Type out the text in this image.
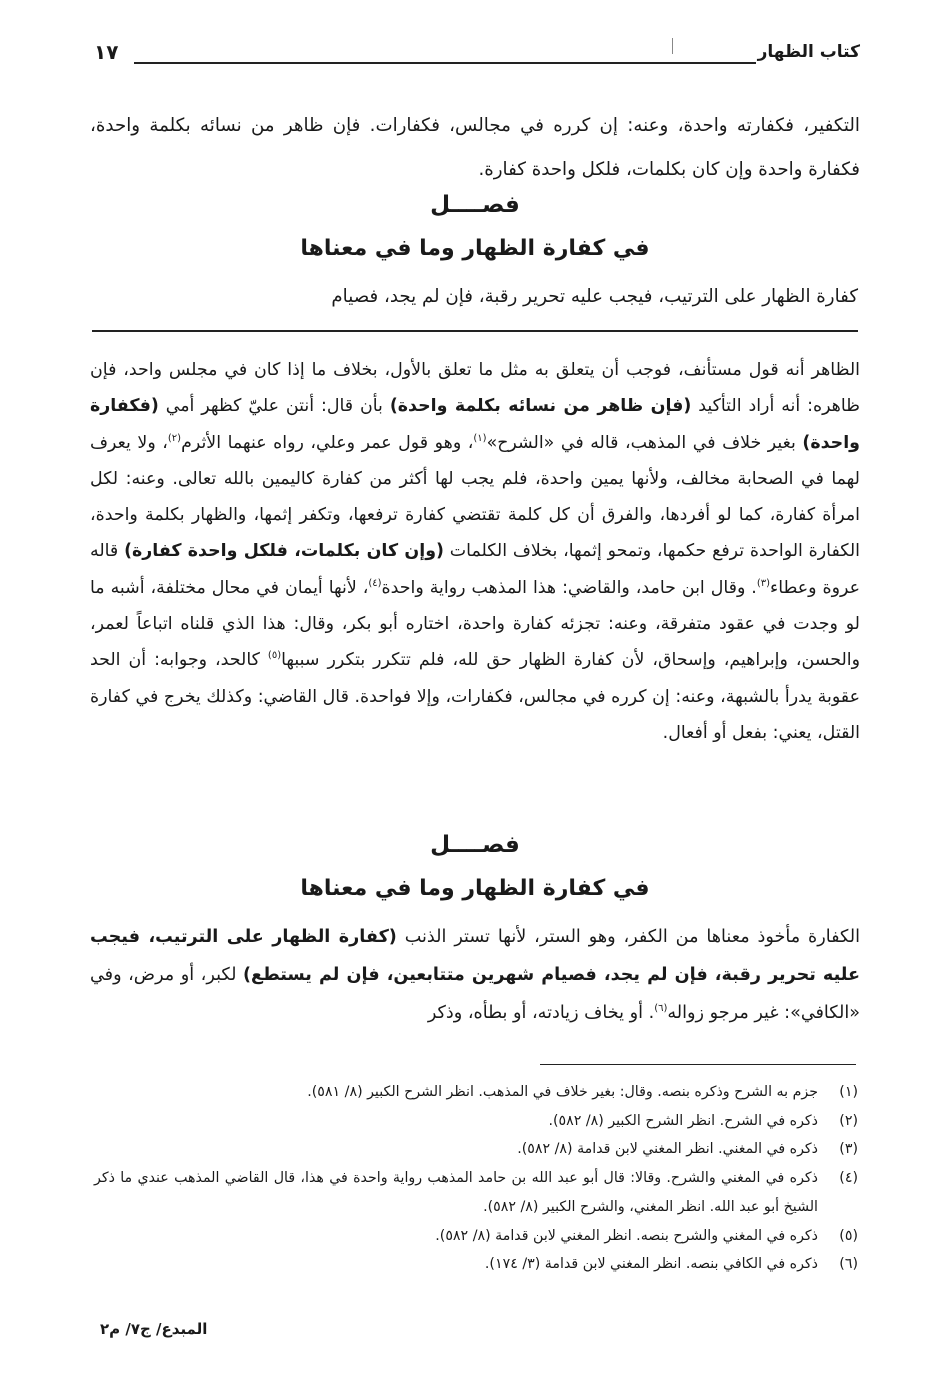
كتاب الظهار
١٧

التكفير، فكفارته واحدة، وعنه: إن كرره في مجالس، فكفارات. فإن ظاهر من نسائه بكلمة واحدة، فكفارة واحدة وإن كان بكلمات، فلكل واحدة كفارة.

فصــــل
في كفارة الظهار وما في معناها
كفارة الظهار على الترتيب، فيجب عليه تحرير رقبة، فإن لم يجد، فصيام
الظاهر أنه قول مستأنف، فوجب أن يتعلق به مثل ما تعلق بالأول، بخلاف ما إذا كان في مجلس واحد، فإن ظاهره: أنه أراد التأكيد (فإن ظاهر من نسائه بكلمة واحدة) بأن قال: أنتن عليّ كظهر أمي (فكفارة واحدة) بغير خلاف في المذهب، قاله في «الشرح»$^{(١)}$، وهو قول عمر وعلي، رواه عنهما الأثرم$^{(٢)}$، ولا يعرف لهما في الصحابة مخالف، ولأنها يمين واحدة، فلم يجب لها أكثر من كفارة كاليمين بالله تعالى. وعنه: لكل امرأة كفارة، كما لو أفردها، والفرق أن كل كلمة تقتضي كفارة ترفعها، وتكفر إثمها، والظهار بكلمة واحدة، الكفارة الواحدة ترفع حكمها، وتمحو إثمها، بخلاف الكلمات (وإن كان بكلمات، فلكل واحدة كفارة) قاله عروة وعطاء$^{(٣)}$. وقال ابن حامد، والقاضي: هذا المذهب رواية واحدة$^{(٤)}$، لأنها أيمان في محال مختلفة، أشبه ما لو وجدت في عقود متفرقة، وعنه: تجزئه كفارة واحدة، اختاره أبو بكر، وقال: هذا الذي قلناه اتباعاً لعمر، والحسن، وإبراهيم، وإسحاق، لأن كفارة الظهار حق لله، فلم تتكرر بتكرر سببها$^{(٥)}$ كالحد، وجوابه: أن الحد عقوبة يدرأ بالشبهة، وعنه: إن كرره في مجالس، فكفارات، وإلا فواحدة. قال القاضي: وكذلك يخرج في كفارة القتل، يعني: بفعل أو أفعال.
فصــــل
في كفارة الظهار وما في معناها
الكفارة مأخوذ معناها من الكفر، وهو الستر، لأنها تستر الذنب (كفارة الظهار على الترتيب، فيجب عليه تحرير رقبة، فإن لم يجد، فصيام شهرين متتابعين، فإن لم يستطع) لكبر، أو مرض، وفي «الكافي»: غير مرجو زواله$^{(٦)}$. أو يخاف زيادته، أو بطأه، وذكر
(١)
جزم به الشرح وذكره بنصه. وقال: بغير خلاف في المذهب. انظر الشرح الكبير (٨/ ٥٨١).
(٢)
ذكره في الشرح. انظر الشرح الكبير (٨/ ٥٨٢).
(٣)
ذكره في المغني. انظر المغني لابن قدامة (٨/ ٥٨٢).
(٤)
ذكره في المغني والشرح. وقالا: قال أبو عبد الله بن حامد المذهب رواية واحدة في هذا، قال القاضي المذهب عندي ما ذكر الشيخ أبو عبد الله. انظر المغني، والشرح الكبير (٨/ ٥٨٢).
(٥)
ذكره في المغني والشرح بنصه. انظر المغني لابن قدامة (٨/ ٥٨٢).
(٦)
ذكره في الكافي بنصه. انظر المغني لابن قدامة (٣/ ١٧٤).
المبدع/ ج٧/ م٢
